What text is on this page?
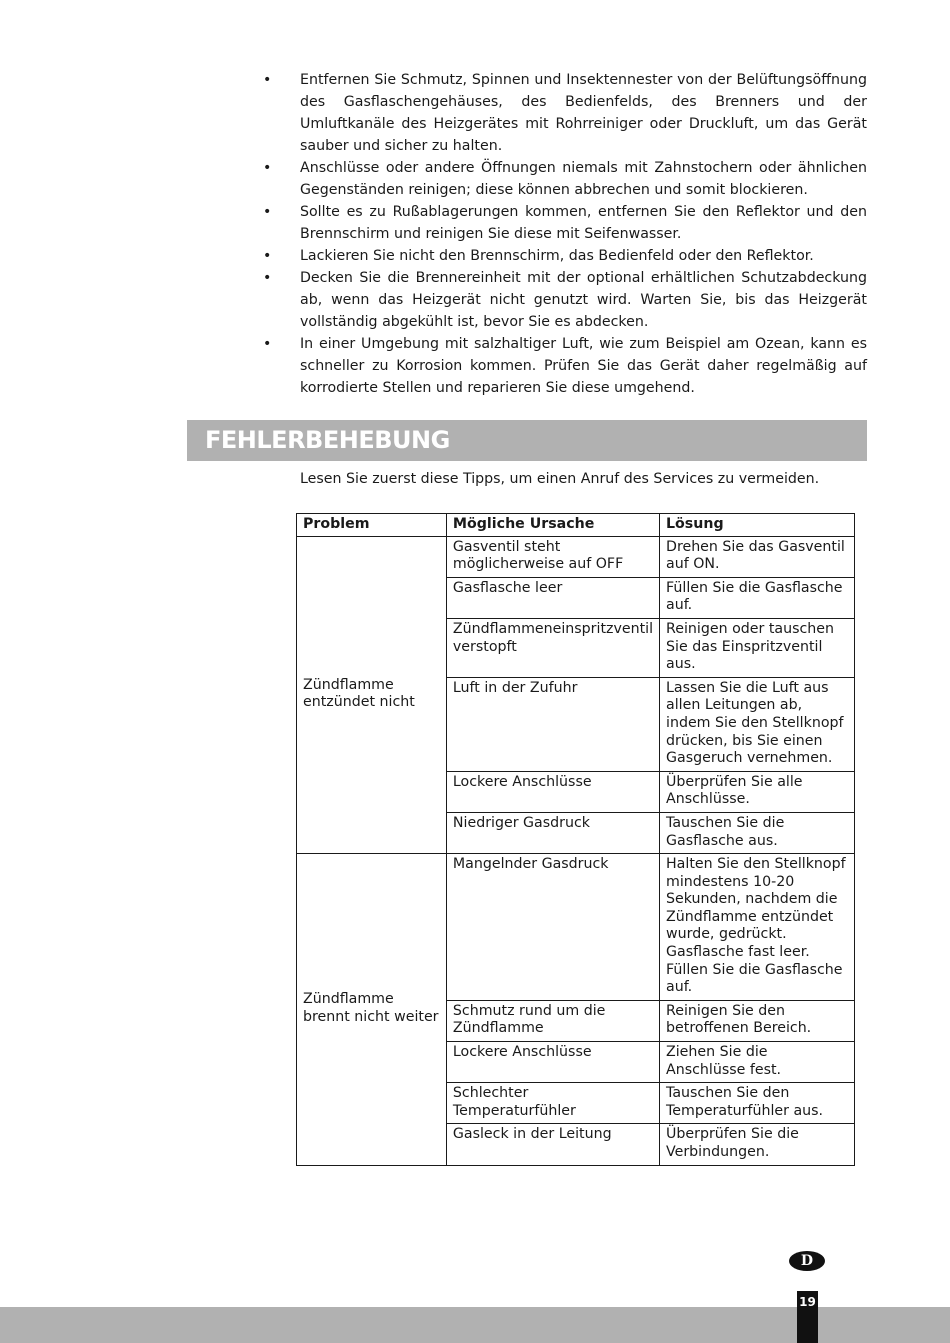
• Entfernen Sie Schmutz, Spinnen und Insektennester von der Belüftungsöffnung des Gasflaschengehäuses, des Bedienfelds, des Brenners und der Umluftkanäle des Heizgerätes mit Rohrreiniger oder Druckluft, um das Gerät sauber und sicher zu halten.
• Anschlüsse oder andere Öffnungen niemals mit Zahnstochern oder ähnlichen Gegenständen reinigen; diese können abbrechen und somit blockieren.
• Sollte es zu Rußablagerungen kommen, entfernen Sie den Reflektor und den Brennschirm und reinigen Sie diese mit Seifenwasser.
• Lackieren Sie nicht den Brennschirm, das Bedienfeld oder den Reflektor.
• Decken Sie die Brennereinheit mit der optional erhältlichen Schutzabdeckung ab, wenn das Heizgerät nicht genutzt wird. Warten Sie, bis das Heizgerät vollständig abgekühlt ist, bevor Sie es abdecken.
• In einer Umgebung mit salzhaltiger Luft, wie zum Beispiel am Ozean, kann es schneller zu Korrosion kommen. Prüfen Sie das Gerät daher regelmäßig auf korrodierte Stellen und reparieren Sie diese umgehend.
FEHLERBEHEBUNG

Lesen Sie zuerst diese Tipps, um einen Anruf des Services zu vermeiden.

Problem	Mögliche Ursache	Lösung
Zündflamme entzündet nicht	Gasventil steht möglicherweise auf OFF	Drehen Sie das Gasventil auf ON.
	Gasflasche leer	Füllen Sie die Gasflasche auf.
	Zündflammeneinspritzventil verstopft	Reinigen oder tauschen Sie das Einspritzventil aus.
	Luft in der Zufuhr	Lassen Sie die Luft aus allen Leitungen ab, indem Sie den Stellknopf drücken, bis Sie einen Gasgeruch vernehmen.
	Lockere Anschlüsse	Überprüfen Sie alle Anschlüsse.
	Niedriger Gasdruck	Tauschen Sie die Gasflasche aus.
Zündflamme brennt nicht weiter	Mangelnder Gasdruck	Halten Sie den Stellknopf mindestens 10-20 Sekunden, nachdem die Zündflamme entzündet wurde, gedrückt. Gasflasche fast leer. Füllen Sie die Gasflasche auf.
	Schmutz rund um die Zündflamme	Reinigen Sie den betroffenen Bereich.
	Lockere Anschlüsse	Ziehen Sie die Anschlüsse fest.
	Schlechter Temperaturfühler	Tauschen Sie den Temperaturfühler aus.
	Gasleck in der Leitung	Überprüfen Sie die Verbindungen.
D
19
